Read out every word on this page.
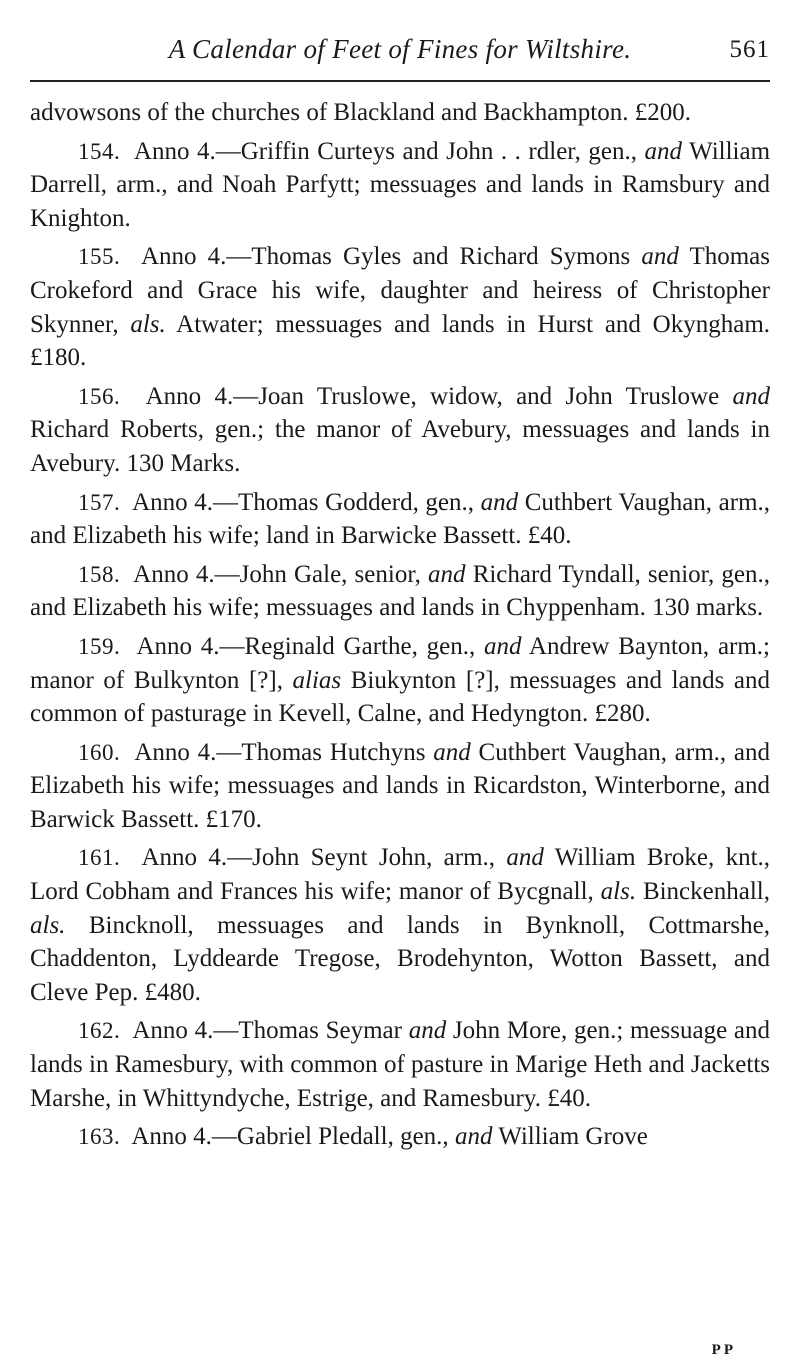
A Calendar of Feet of Fines for Wiltshire.	561

advowsons of the churches of Blackland and Backhampton. £200.

154. Anno 4.—Griffin Curteys and John . . rdler, gen., and William Darrell, arm., and Noah Parfytt; messuages and lands in Ramsbury and Knighton.

155. Anno 4.—Thomas Gyles and Richard Symons and Thomas Crokeford and Grace his wife, daughter and heiress of Christopher Skynner, als. Atwater; messuages and lands in Hurst and Okyngham. £180.

156. Anno 4.—Joan Truslowe, widow, and John Truslowe and Richard Roberts, gen.; the manor of Avebury, messuages and lands in Avebury. 130 Marks.

157. Anno 4.—Thomas Godderd, gen., and Cuthbert Vaughan, arm., and Elizabeth his wife; land in Barwicke Bassett. £40.

158. Anno 4.—John Gale, senior, and Richard Tyndall, senior, gen., and Elizabeth his wife; messuages and lands in Chyppenham. 130 marks.

159. Anno 4.—Reginald Garthe, gen., and Andrew Baynton, arm.; manor of Bulkynton [?], alias Biukynton [?], messuages and lands and common of pasturage in Kevell, Calne, and Hedyngton. £280.

160. Anno 4.—Thomas Hutchyns and Cuthbert Vaughan, arm., and Elizabeth his wife; messuages and lands in Ricardston, Winterborne, and Barwick Bassett. £170.

161. Anno 4.—John Seynt John, arm., and William Broke, knt., Lord Cobham and Frances his wife; manor of Bycgnall, als. Binckenhall, als. Bincknoll, messuages and lands in Bynknoll, Cottmarshe, Chaddenton, Lyddearde Tregose, Brodehynton, Wotton Bassett, and Cleve Pep. £480.

162. Anno 4.—Thomas Seymar and John More, gen.; messuage and lands in Ramesbury, with common of pasture in Marige Heth and Jacketts Marshe, in Whittyndyche, Estrige, and Ramesbury. £40.

163. Anno 4.—Gabriel Pledall, gen., and William Grove

PP
